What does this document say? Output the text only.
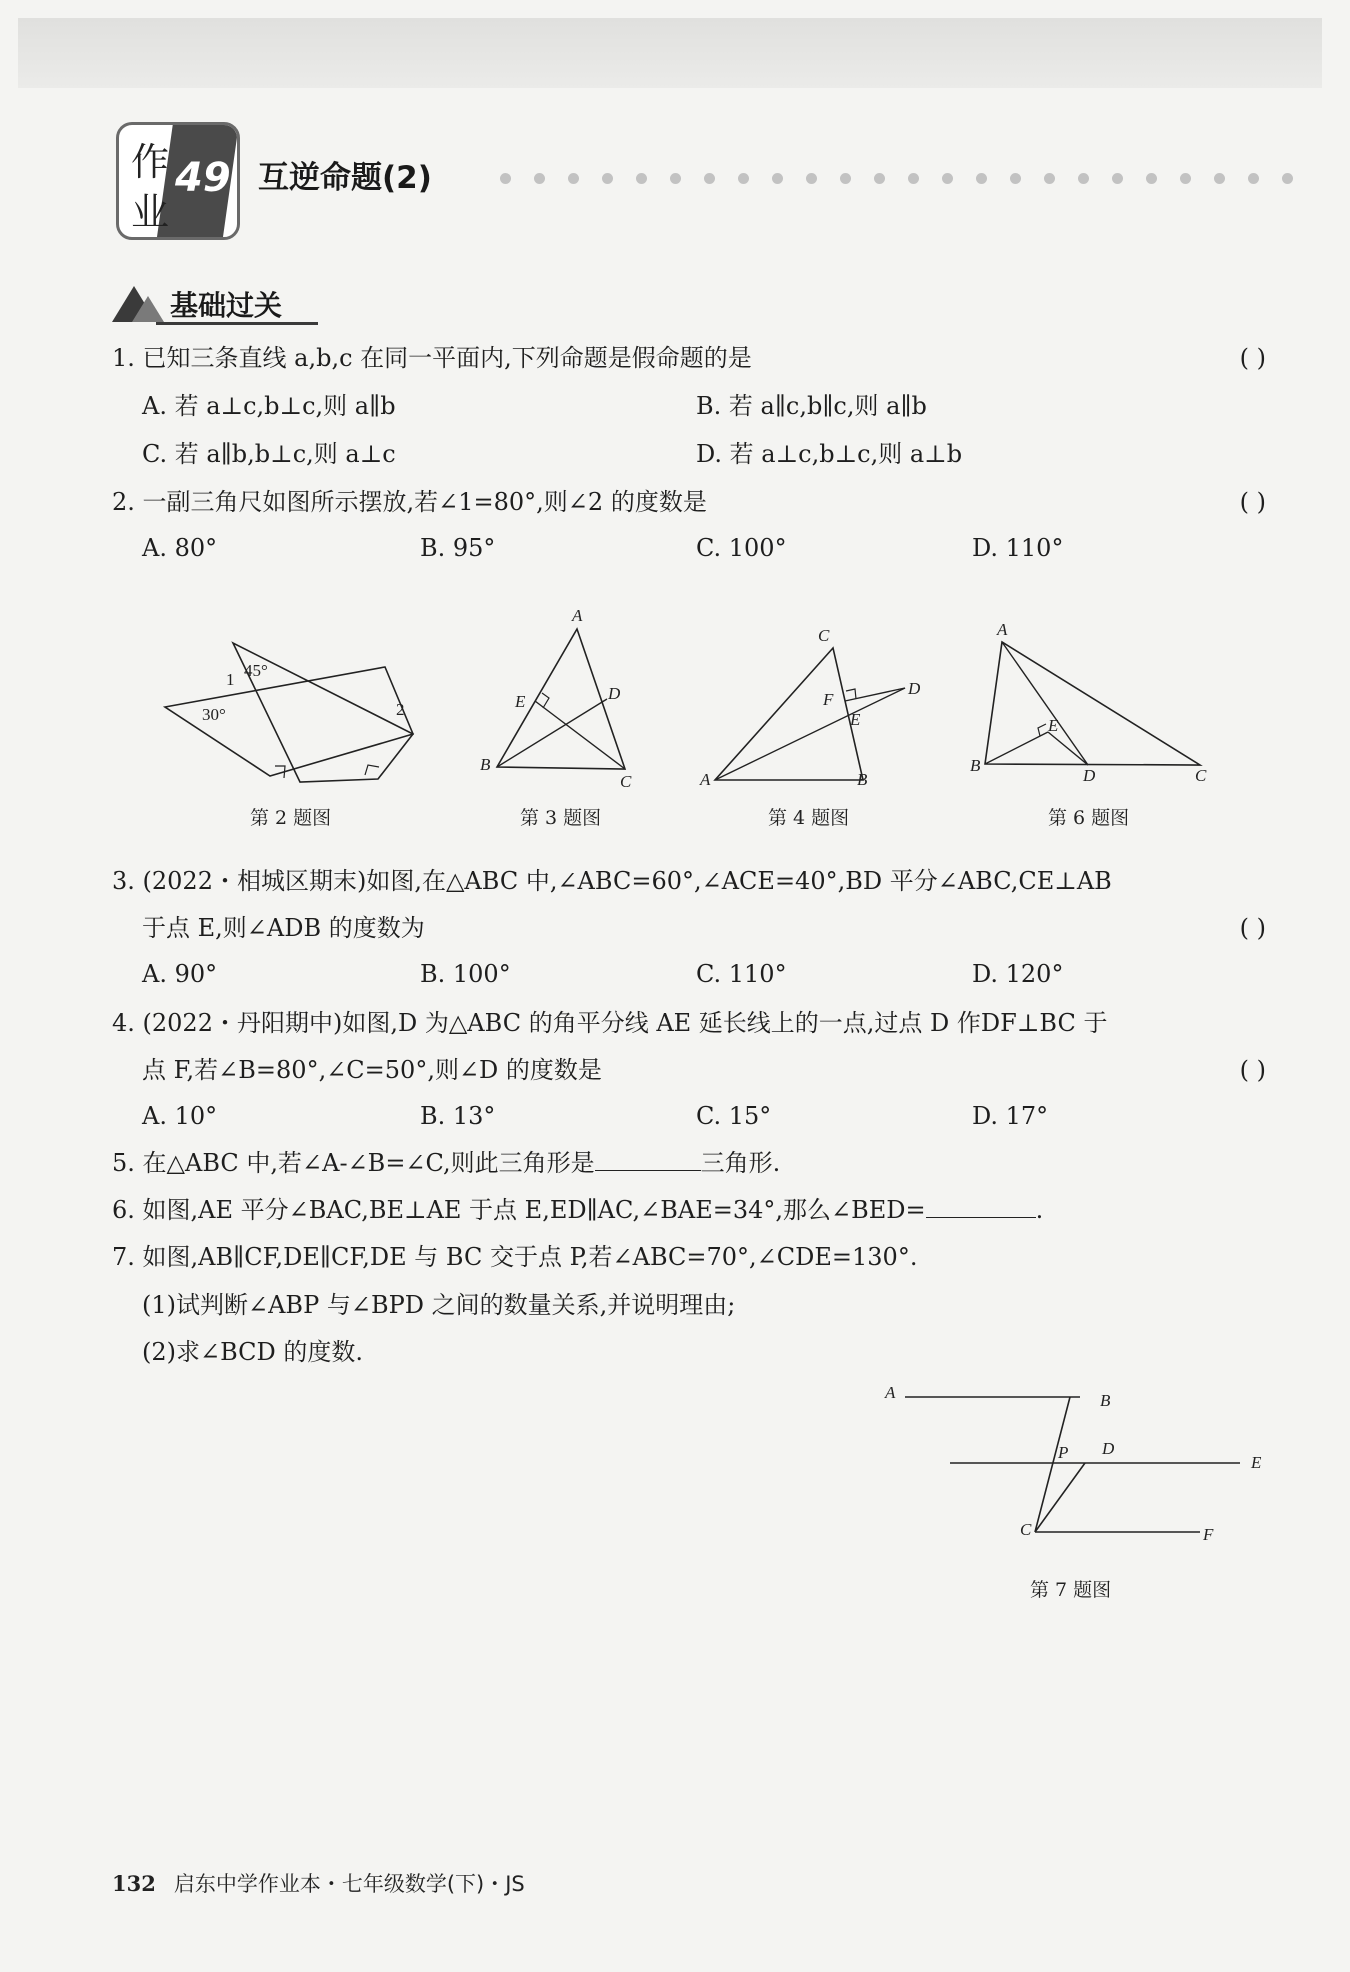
作
业
49 互逆命题(2)
基础过关
1. 已知三条直线 a,b,c 在同一平面内,下列命题是假命题的是	( )
A. 若 a⊥c,b⊥c,则 a∥b	B. 若 a∥c,b∥c,则 a∥b
C. 若 a∥b,b⊥c,则 a⊥c	D. 若 a⊥c,b⊥c,则 a⊥b
2. 一副三角尺如图所示摆放,若∠1=80°,则∠2 的度数是	( )
A. 80°	B. 95°	C. 100°	D. 110°
45°
1
30°	2
第 2 题图
A
E	D
B
C
第 3 题图
C
F
D
E
A	B
第 4 题图
A
E
B
D	C
第 6 题图
3. (2022・相城区期末)如图,在△ABC 中,∠ABC=60°,∠ACE=40°,BD 平分∠ABC,CE⊥AB
于点 E,则∠ADB 的度数为	( )
A. 90°	B. 100°	C. 110°	D. 120°
4. (2022・丹阳期中)如图,D 为△ABC 的角平分线 AE 延长线上的一点,过点 D 作DF⊥BC 于
点 F,若∠B=80°,∠C=50°,则∠D 的度数是	( )
A. 10°	B. 13°	C. 15°	D. 17°
5. 在△ABC 中,若∠A-∠B=∠C,则此三角形是	三角形.
6. 如图,AE 平分∠BAC,BE⊥AE 于点 E,ED∥AC,∠BAE=34°,那么∠BED=	.
7. 如图,AB∥CF,DE∥CF,DE 与 BC 交于点 P,若∠ABC=70°,∠CDE=130°.
(1)试判断∠ABP 与∠BPD 之间的数量关系,并说明理由;
(2)求∠BCD 的度数.
A	B
P D
E
C	F
第 7 题图
132 启东中学作业本・七年级数学(下)・JS
